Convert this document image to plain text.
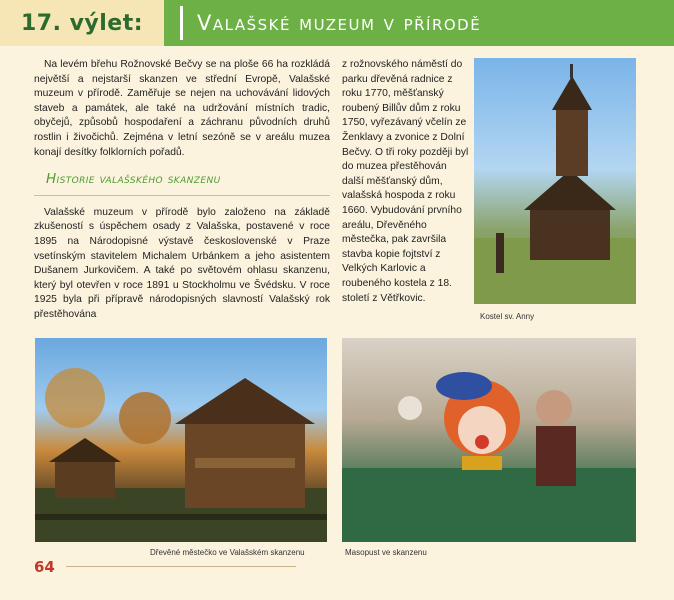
17. výlet:	Valašské muzeum v přírodě

Na levém břehu Rožnovské Bečvy se na ploše 66 ha rozkládá největší a nejstarší skanzen ve střední Evropě, Valašské muzeum v přírodě. Zaměřuje se nejen na uchovávání lidových staveb a památek, ale také na udržování místních tradic, obyčejů, způsobů hospodaření a záchranu původních druhů rostlin i živočichů. Zejména v letní sezóně se v areálu muzea konají desítky folklorních pořadů.

Historie valašského skanzenu

Valašské muzeum v přírodě bylo založeno na základě zkušeností s úspěchem osady z Valašska, postavené v roce 1895 na Národopisné výstavě československé v Praze vsetínským stavitelem Michalem Urbánkem a jeho asistentem Dušanem Jurkovičem. A také po světovém ohlasu skanzenu, který byl otevřen v roce 1891 u Stockholmu ve Švédsku. V roce 1925 byla při přípravě národopisných slavností Valašský rok přestěhována

z rožnovského náměstí do parku dřevěná radnice z roku 1770, měšťanský roubený Billův dům z roku 1750, vyřezávaný včelín ze Ženklavy a zvonice z Dolní Bečvy. O tři roky později byl do muzea přestěhován další měšťanský dům, valašská hospoda z roku 1660. Vybudování prvního areálu, Dřevěného městečka, pak završila stavba kopie fojtství z Velkých Karlovic a roubeného kostela z 18. století z Větřkovic.

Kostel sv. Anny
Dřevěné městečko ve Valašském skanzenu	Masopust ve skanzenu
64
